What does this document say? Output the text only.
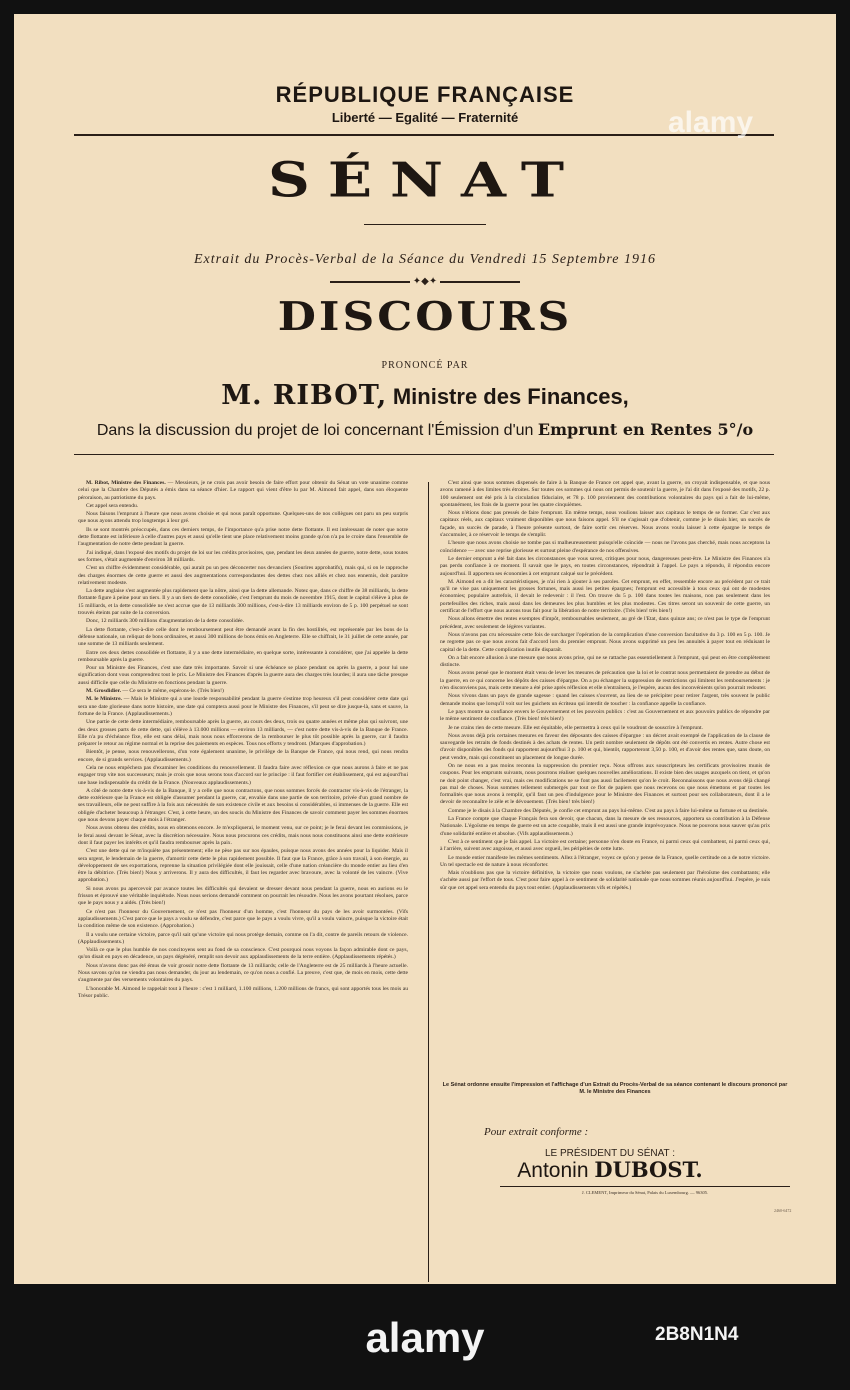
RÉPUBLIQUE FRANÇAISE
Liberté — Egalité — Fraternité
SÉNAT
Extrait du Procès-Verbal de la Séance du Vendredi 15 Septembre 1916
✦◆✦
DISCOURS
PRONONCÉ PAR
M. RIBOT, Ministre des Finances,
Dans la discussion du projet de loi concernant l'Émission d'un Emprunt en Rentes 5°/o

M. Ribot, Ministre des Finances. — Messieurs, je ne crois pas avoir besoin de faire effort pour obtenir du Sénat un vote unanime comme celui que la Chambre des Députés a émis dans sa séance d'hier. Le rapport qui vient d'être lu par M. Aimond fait appel, dans son éloquente péroraison, au patriotisme du pays.

Cet appel sera entendu.

Nous faisons l'emprunt à l'heure que nous avons choisie et qui nous paraît opportune. Quelques-uns de nos collègues ont paru un peu surpris que nous ayons attendu trop longtemps à leur gré.

Ils se sont montrés préoccupés, dans ces derniers temps, de l'importance qu'a prise notre dette flottante. Il est intéressant de noter que notre dette flottante est inférieure à celle d'autres pays et aussi qu'elle tient une place relativement moins grande qu'on n'a pu le croire dans l'ensemble de l'augmentation de notre dette pendant la guerre.

J'ai indiqué, dans l'exposé des motifs du projet de loi sur les crédits provisoires, que, pendant les deux années de guerre, notre dette, sous toutes ses formes, s'était augmentée d'environ 38 milliards.

C'est un chiffre évidemment considérable, qui aurait pu un peu déconcerter nos devanciers (Sourires approbatifs), mais qui, si on le rapproche des charges énormes de cette guerre et aussi des augmentations correspondantes des dettes chez nos alliés et chez nos ennemis, doit paraître relativement modeste.

La dette anglaise s'est augmentée plus rapidement que la nôtre, ainsi que la dette allemande. Notez que, dans ce chiffre de 38 milliards, la dette flottante figure à peine pour un tiers. Il y a un tiers de dette consolidée, c'est l'emprunt du mois de novembre 1915, dont le capital s'élève à plus de 15 milliards, et la dette consolidée ne s'est accrue que de 13 milliards 300 millions, c'est-à-dire 13 milliards environ de 5 p. 100 perpétuel se sont trouvés éteints par suite de la conversion.

Donc, 12 milliards 300 millions d'augmentation de la dette consolidée.

La dette flottante, c'est-à-dire celle dont le remboursement peut être demandé avant la fin des hostilités, est représentée par les bons de la défense nationale, un reliquat de bons ordinaires, et aussi 300 millions de bons émis en Angleterre. Elle se chiffrait, le 31 juillet de cette année, par une somme de 13 milliards seulement.

Entre ces deux dettes consolidée et flottante, il y a une dette intermédiaire, en quelque sorte, intéressante à considérer, que j'ai appelée la dette remboursable après la guerre.

Pour un Ministre des Finances, c'est une date très importante. Savoir si une échéance se place pendant ou après la guerre, a pour lui une signification dont vous comprendrez tout le prix. Le Ministre des Finances d'après la guerre aura des charges très lourdes; il aura une tâche presque aussi difficile que celle du Ministre en fonctions pendant la guerre.

M. Grosdidier. — Ce sera le même, espérons-le. (Très bien!)

M. le Ministre. — Mais le Ministre qui a une lourde responsabilité pendant la guerre s'estime trop heureux s'il peut considérer cette date qui sera une date glorieuse dans notre histoire, une date qui comptera aussi pour le Ministre des Finances, s'il peut se dire jusque-là, sans et sauve, la fortune de la France. (Applaudissements.)

Une partie de cette dette intermédiaire, remboursable après la guerre, au cours des deux, trois ou quatre années et même plus qui suivront, une des deux grosses parts de cette dette, qui s'élève à 13.000 millions — environ 13 milliards, — c'est notre dette vis-à-vis de la Banque de France. Elle n'a pu d'échéance fixe, elle est sans délai, mais nous nous efforcerons de la rembourser le plus tôt possible après la guerre, car il faudra préparer le retour au régime normal et la reprise des paiements en espèces. Tous nos efforts y tendront. (Marques d'approbation.)

Bientôt, je pense, nous renouvellerons, d'un vote également unanime, le privilège de la Banque de France, qui nous rend, qui nous rendra encore, de si grands services. (Applaudissements.)

Cela ne nous empêchera pas d'examiner les conditions du renouvellement. Il faudra faire avec réflexion ce que nous aurons à faire et ne pas engager trop vite nos successeurs; mais je crois que nous serons tous d'accord sur le principe : il faut fortifier cet établissement, qui est aujourd'hui une base indispensable du crédit de la France. (Nouveaux applaudissements.)

A côté de notre dette vis-à-vis de la Banque, il y a celle que nous contractons, que nous sommes forcés de contracter vis-à-vis de l'étranger, la dette extérieure que la France est obligée d'assumer pendant la guerre, car, envahie dans une partie de son territoire, privée d'un grand nombre de ses travailleurs, elle ne peut suffire à la fois aux nécessités de son existence civile et aux besoins si considérables, si immenses de la guerre. Elle est obligée d'acheter beaucoup à l'étranger. C'est, à cette heure, un des soucis du Ministre des Finances de savoir comment payer les sommes énormes que nous devons payer chaque mois à l'étranger.

Nous avons obtenu des crédits, nous en obtenons encore. Je m'expliquerai, le moment venu, sur ce point; je le ferai devant les commissions, je le ferai aussi devant le Sénat, avec la discrétion nécessaire. Nous nous procurons ces crédits, mais nous nous constituons ainsi une dette extérieure dont il faut payer les intérêts et qu'il faudra rembourser après la paix.

C'est une dette qui ne m'inquiète pas présentement; elle ne pèse pas sur nos épaules, puisque nous avons des années pour la liquider. Mais il sera urgent, le lendemain de la guerre, d'amortir cette dette le plus rapidement possible. Il faut que la France, grâce à son travail, à son énergie, au développement de ses exportations, reprenne la situation privilégiée dont elle jouissait, celle d'une nation créancière du monde entier au lieu d'en être la débitrice. (Très bien!) Nous y arriverons. Il y aura des difficultés, il faut les regarder avec bravoure, avec la volonté de les vaincre. (Vive approbation.)

Si nous avons pu apercevoir par avance toutes les difficultés qui devaient se dresser devant nous pendant la guerre, nous en aurions eu le frisson et éprouvé une véritable inquiétude. Nous nous serions demandé comment on pourrait les résoudre. Nous les avons pourtant résolues, parce que le pays nous y a aidés. (Très bien!)

Ce n'est pas l'honneur du Gouvernement, ce n'est pas l'honneur d'un homme, c'est l'honneur du pays de les avoir surmontées. (Vifs applaudissements.) C'est parce que le pays a voulu se défendre, c'est parce que le pays a voulu vivre, qu'il a voulu vaincre, puisque la victoire était la condition même de son existence. (Approbation.)

Il a voulu une certaine victoire, parce qu'il sait qu'une victoire qui nous protège demain, comme on l'a dit, contre de pareils retours de violence. (Applaudissements.)

Voilà ce que le plus humble de nos concitoyens sent au fond de sa conscience. C'est pourquoi nous voyons la façon admirable dont ce pays, qu'on disait en pays en décadence, un pays dégénéré, remplit son devoir aux applaudissements de la terre entière. (Applaudissements répétés.)

Nous n'avons donc pas été émus de voir grossir notre dette flottante de 13 milliards; celle de l'Angleterre est de 25 milliards à l'heure actuelle. Nous savons qu'on ne viendra pas nous demander, du jour au lendemain, ce qu'on nous a confié. La preuve, c'est que, de mois en mois, cette dette s'augmente par des versements volontaires du pays.

L'honorable M. Aimond le rappelait tout à l'heure : c'est 1 milliard, 1.100 millions, 1.200 millions de francs, qui sont apportés tous les mois au Trésor public.

C'est ainsi que nous sommes dispensés de faire à la Banque de France cet appel que, avant la guerre, on croyait indispensable, et que nous avons ramené à des limites très étroites. Sur toutes ces sommes qui nous ont permis de soutenir la guerre, je l'ai dit dans l'exposé des motifs, 22 p. 100 seulement ont été pris à la circulation fiduciaire, et 78 p. 100 proviennent des contributions volontaires du pays qui a fait de lui-même, spontanément, les frais de la guerre pour les quatre cinquièmes.

Nous n'étions donc pas pressés de faire l'emprunt. En même temps, nous voulions laisser aux capitaux le temps de se former. Car c'est aux capitaux réels, aux capitaux vraiment disponibles que nous faisons appel. S'il ne s'agissait que d'obtenir, comme je le disais hier, un succès de façade, un succès de parade, à l'heure présente surtout, de faire sortir ces réserves. Nous avons voulu laisser à cette épargne le temps de s'accumuler, à ce réservoir le temps de s'emplir.

L'heure que nous avons choisie ne tombe pas si malheureusement puisqu'elle coïncide — nous ne l'avons pas cherché, mais nous acceptons la coïncidence — avec une reprise glorieuse et surtout pleine d'espérance de nos offensives.

Le dernier emprunt a été fait dans les circonstances que vous savez, critiques pour nous, dangereuses peut-être. Le Ministre des Finances n'a pas perdu confiance à ce moment. Il savait que le pays, en toutes circonstances, répondrait à l'appel. Le pays a répondu, il répondra encore aujourd'hui. Il apportera ses économies à cet emprunt calqué sur le précédent.

M. Aimond en a dit les caractéristiques, je n'ai rien à ajouter à ses paroles. Cet emprunt, en effet, ressemble encore au précédent par ce trait qu'il ne vise pas uniquement les grosses fortunes, mais aussi les petites épargnes; l'emprunt est accessible à tous ceux qui ont de modestes économies; populaire autrefois, il devait le redevenir : il l'est. On trouve du 5 p. 100 dans toutes les maisons, non pas seulement dans les portefeuilles des riches, mais aussi dans les demeures les plus humbles et les plus modestes. Ces titres seront un souvenir de cette guerre, un certificat de l'effort que nous aurons tous fait pour la libération de notre territoire. (Très bien! très bien!)

Nous allons émettre des rentes exemptes d'impôt, remboursables seulement, au gré de l'Etat, dans quinze ans; ce n'est pas le type de l'emprunt précédent, avec seulement de légères variantes.

Nous n'avons pas cru nécessaire cette fois de surcharger l'opération de la complication d'une conversion facultative du 3 p. 100 en 5 p. 100. Je ne regrette pas ce que nous avons fait d'accord lors du premier emprunt. Nous avons supprimé un peu les annuités à payer tout en réduisant le capital de la dette. Cette complication inutile disparaît.

On a fait encore allusion à une mesure que nous avons prise, qui ne se rattache pas essentiellement à l'emprunt, qui peut en être complètement distincte.

Nous avons pensé que le moment était venu de lever les mesures de précaution que la loi et le contrat nous permettaient de prendre au début de la guerre, en ce qui concerne les dépôts des caisses d'épargne. On a pu échanger la suppression de restrictions qui limitent les remboursements : je n'en disconviens pas, mais cette mesure a été prise après réflexion et elle n'entraînera, je l'espère, aucun des inconvénients qu'on pourrait redouter.

Nous vivons dans un pays de grande sagesse : quand les caisses s'ouvrent, au lieu de se précipiter pour retirer l'argent, très souvent le public demande moins que lorsqu'il voit sur les guichets un écriteau qui interdit de toucher : la confiance appelle la confiance.

Le pays montre sa confiance envers le Gouvernement et les pouvoirs publics : c'est au Gouvernement et aux pouvoirs publics de répondre par le même sentiment de confiance. (Très bien! très bien!)

Je ne crains rien de cette mesure. Elle est équitable, elle permettra à ceux qui le voudront de souscrire à l'emprunt.

Nous avons déjà pris certaines mesures en faveur des déposants des caisses d'épargne : un décret avait exempté de l'application de la clause de sauvegarde les retraits de fonds destinés à des achats de rentes. Un petit nombre seulement de dépôts ont été convertis en rentes. Autre chose est d'avoir disponibles des fonds qui rapportent aujourd'hui 3 p. 100 et qui, bientôt, rapporteront 3,50 p. 100, et d'avoir des rentes que, sans doute, on peut vendre, mais qui constituent un placement de longue durée.

On ne nous en a pas moins reconnu la suppression du premier reçu. Nous offrons aux souscripteurs les certificats provisoires munis de coupons. Pour les emprunts suivants, nous pourrons réaliser quelques nouvelles améliorations. Il existe bien des usages auxquels on tient, et qu'on ne doit point changer, c'est vrai, mais ces modifications ne se font pas aussi facilement qu'on le croit. Reconnaissons que nous avons déjà changé pas mal de choses. Nous sommes tellement submergés par tout ce flot de papiers que nous recevons ou que nous émettons et par toutes les formalités que nous avons à remplir, qu'il faut un peu d'indulgence pour le Ministre des Finances et surtout pour ses collaborateurs, dont il a le devoir de reconnaître le zèle et le dévouement. (Très bien! très bien!)

Comme je le disais à la Chambre des Députés, je confie cet emprunt au pays lui-même. C'est au pays à faire lui-même sa fortune et sa destinée.

La France compte que chaque Français fera son devoir, que chacun, dans la mesure de ses ressources, apportera sa contribution à la Défense Nationale. L'égoïsme en temps de guerre est un acte coupable, mais il est aussi une grande imprévoyance. Nous ne pouvons nous sauver qu'au prix d'une solidarité entière et absolue. (Vifs applaudissements.)

C'est à ce sentiment que je fais appel. La victoire est certaine; personne n'en doute en France, ni parmi ceux qui combattent, ni parmi ceux qui, à l'arrière, suivent avec angoisse, et aussi avec orgueil, les péripéties de cette lutte.

Le monde entier manifeste les mêmes sentiments. Allez à l'étranger, voyez ce qu'on y pense de la France, quelle certitude on a de notre victoire. Un tel spectacle est de nature à nous réconforter.

Mais n'oublions pas que la victoire définitive, la victoire que nous voulons, ne s'achète pas seulement par l'héroïsme des combattants; elle s'achète aussi par l'effort de tous. C'est pour faire appel à ce sentiment de solidarité nationale que nous sommes réunis aujourd'hui. J'espère, je suis sûr que cet appel sera entendu du pays tout entier. (Applaudissements vifs et répétés.)

Le Sénat ordonne ensuite l'impression et l'affichage d'un Extrait du Procès-Verbal de sa séance contenant le discours prononcé par M. le Ministre des Finances
Pour extrait conforme :
LE PRÉSIDENT DU SÉNAT :
Antonin DUBOST.
J. CLEMENT, Imprimeur du Sénat, Palais du Luxembourg. — 96305.
2460-6472
alamy
alamy	2B8N1N4
